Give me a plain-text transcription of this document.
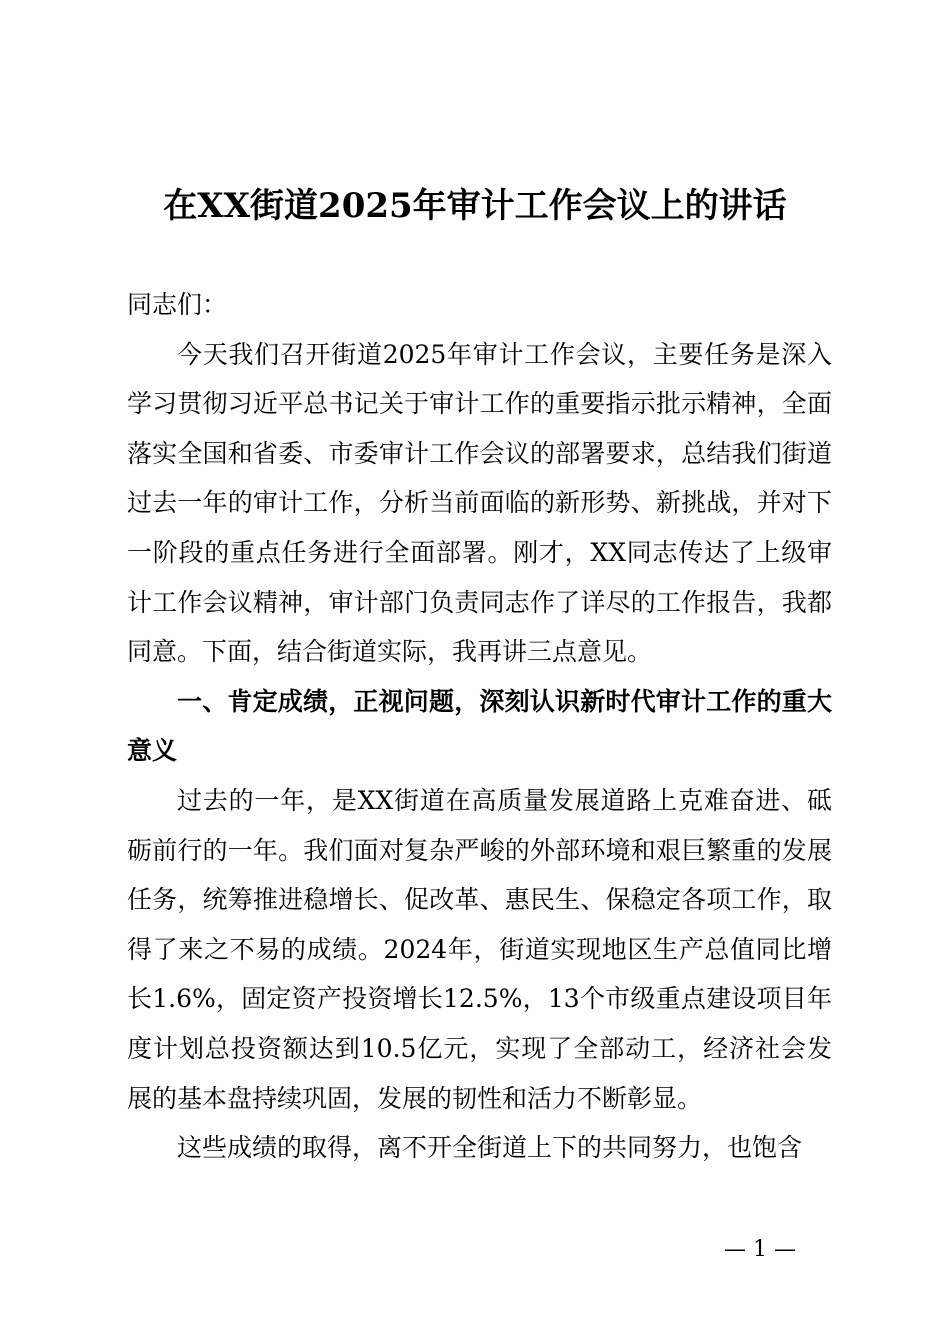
在XX街道2025年审计工作会议上的讲话

同志们：

今天我们召开街道2025年审计工作会议，主要任务是深入学习贯彻习近平总书记关于审计工作的重要指示批示精神，全面落实全国和省委、市委审计工作会议的部署要求，总结我们街道过去一年的审计工作，分析当前面临的新形势、新挑战，并对下一阶段的重点任务进行全面部署。刚才，XX同志传达了上级审计工作会议精神，审计部门负责同志作了详尽的工作报告，我都同意。下面，结合街道实际，我再讲三点意见。

一、肯定成绩，正视问题，深刻认识新时代审计工作的重大意义

过去的一年，是XX街道在高质量发展道路上克难奋进、砥砺前行的一年。我们面对复杂严峻的外部环境和艰巨繁重的发展任务，统筹推进稳增长、促改革、惠民生、保稳定各项工作，取得了来之不易的成绩。2024年，街道实现地区生产总值同比增长1.6%，固定资产投资增长12.5%，13个市级重点建设项目年度计划总投资额达到10.5亿元，实现了全部动工，经济社会发展的基本盘持续巩固，发展的韧性和活力不断彰显。

这些成绩的取得，离不开全街道上下的共同努力，也饱含

— 1 —
